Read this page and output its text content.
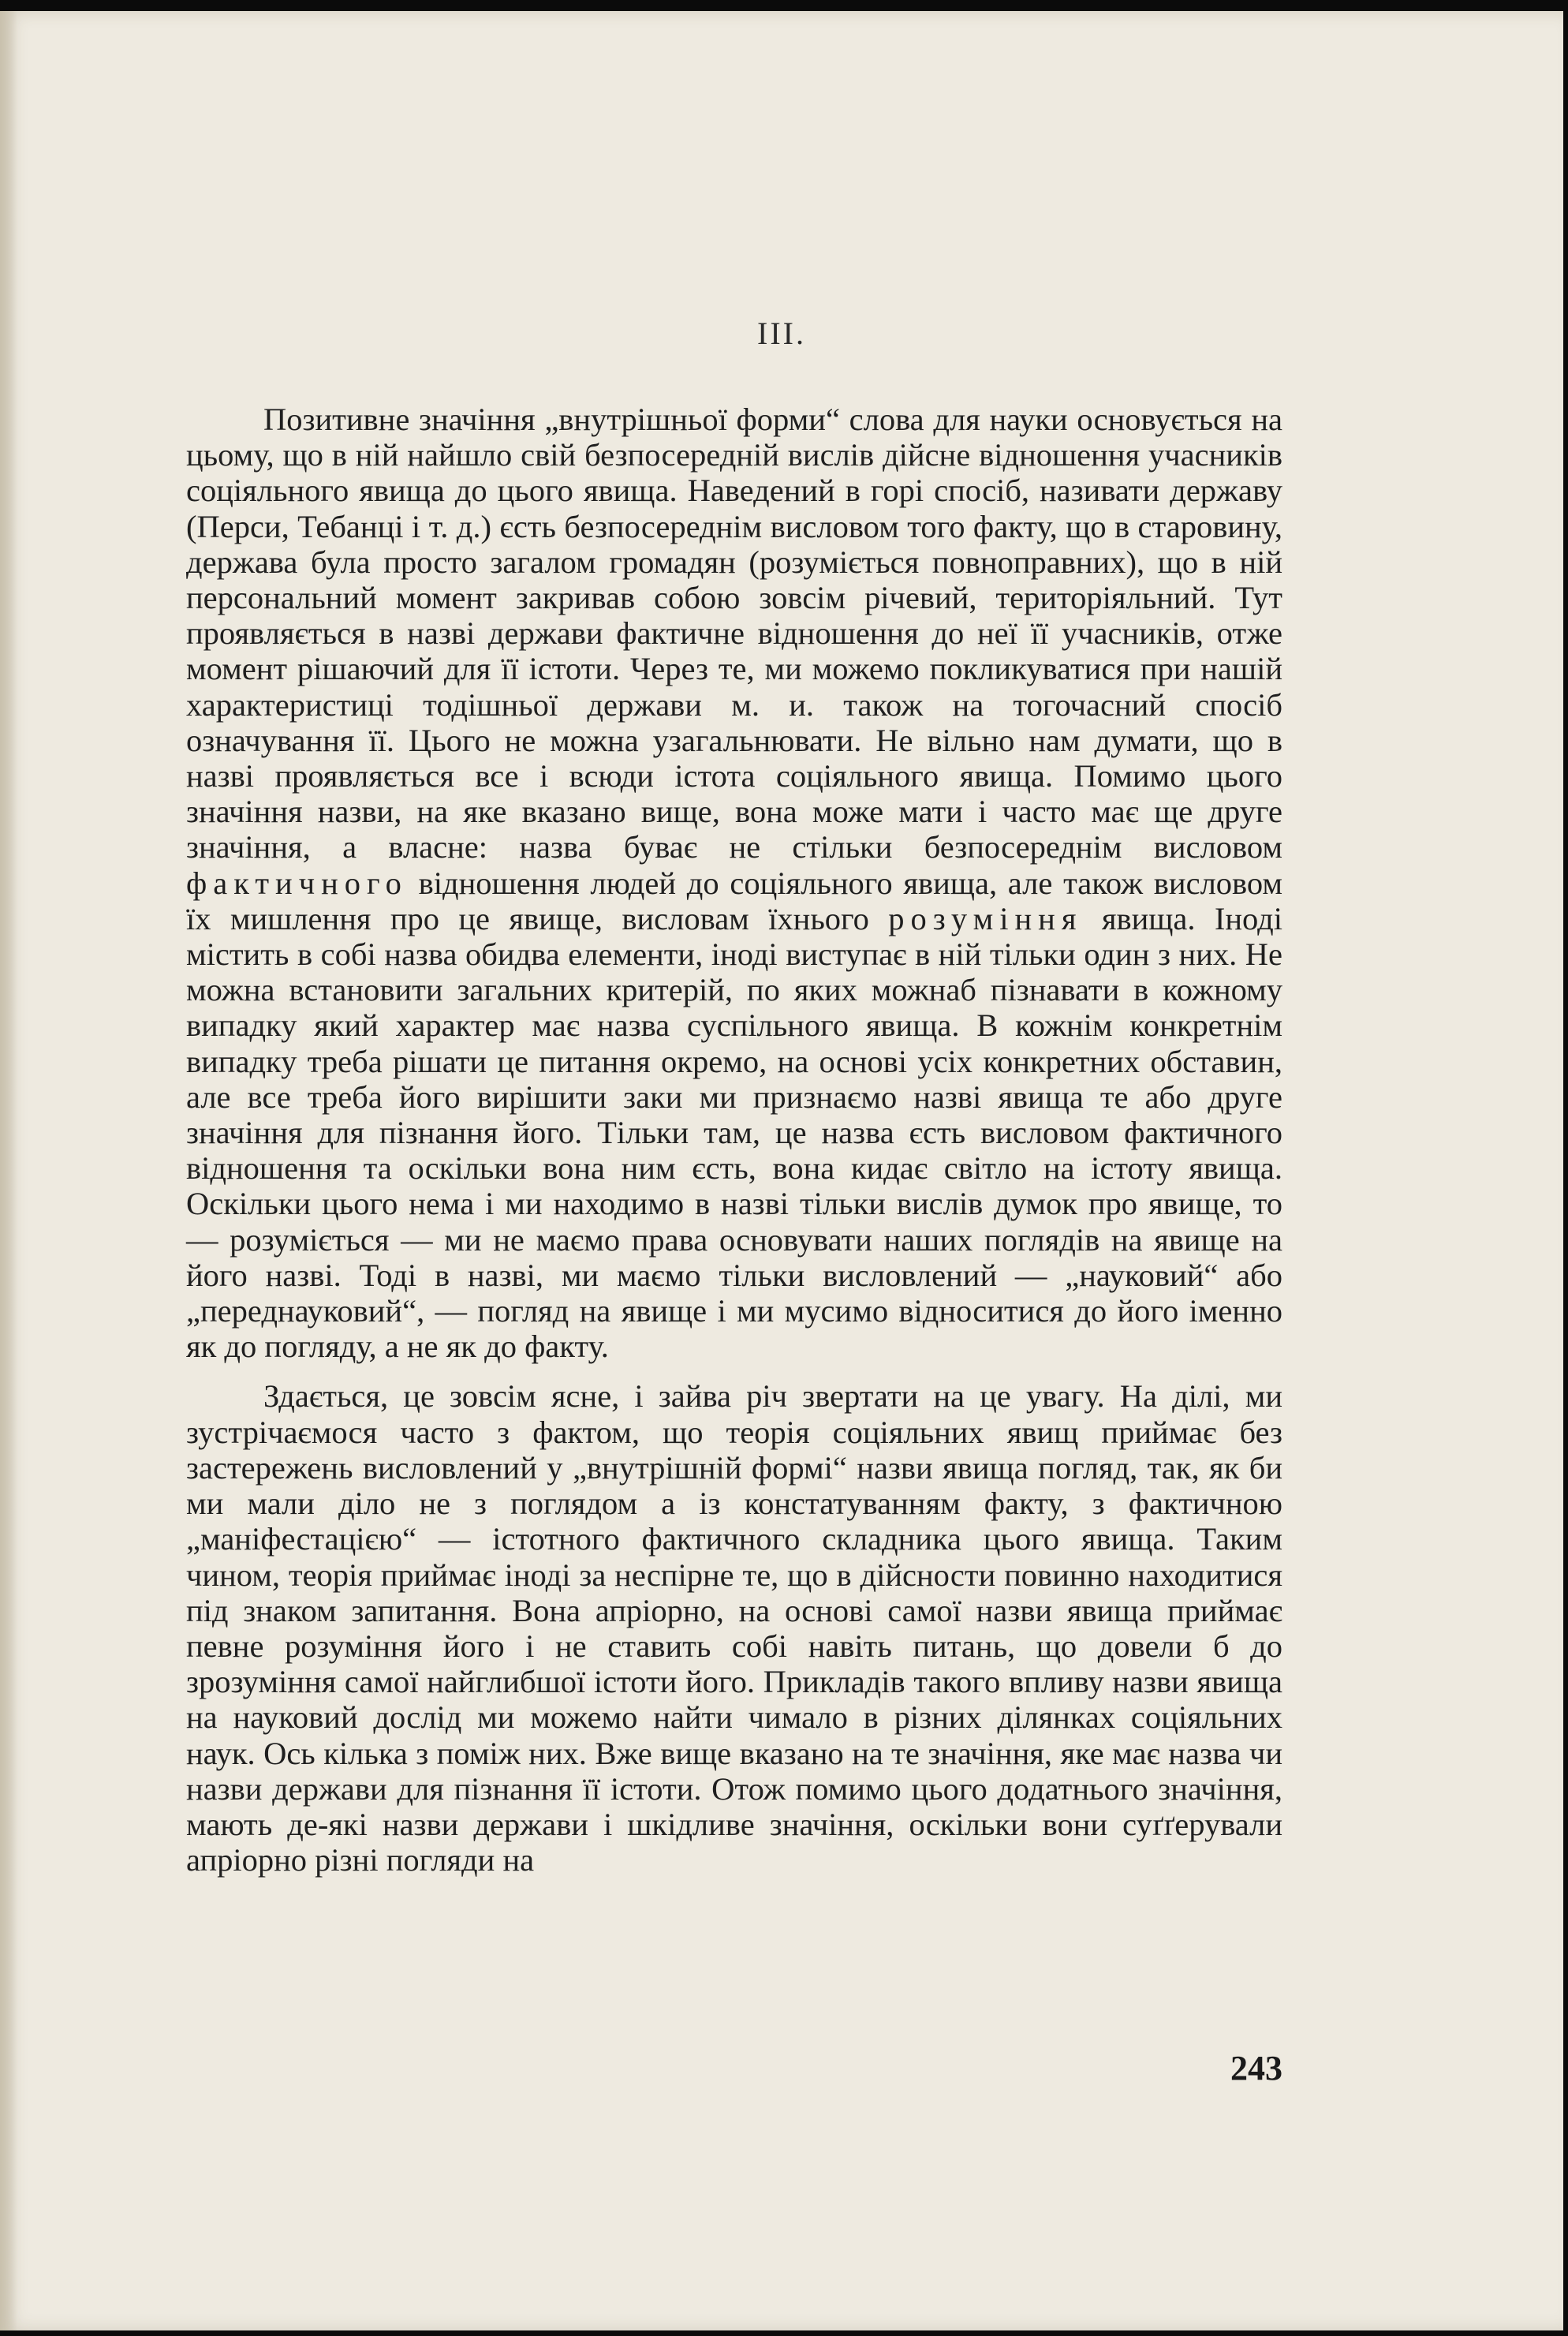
III.

Позитивне значіння „внутрішньої форми“ слова для науки основується на цьому, що в ній найшло свій безпосередній вислів дійсне відношення учасників соціяльного явища до цього явища. Наведений в горі спосіб, називати державу (Перси, Тебанці і т. д.) єсть безпосереднім висловом того факту, що в старовину, держава була просто загалом громадян (розуміється повноправних), що в ній персональний момент закривав собою зовсім річевий, територіяльний. Тут проявляється в назві держави фактичне відношення до неї її учасників, отже момент рішаючий для її істоти. Через те, ми можемо покликуватися при нашій характеристиці тодішньої держави м. и. також на тогочасний спосіб означування її. Цього не можна узагальнювати. Не вільно нам думати, що в назві проявляється все і всюди істота соціяльного явища. Помимо цього значіння назви, на яке вказано вище, вона може мати і часто має ще друге значіння, а власне: назва буває не стільки безпосереднім висловом фактичного відношення людей до соціяльного явища, але також висловом їх мишлення про це явище, висловам їхнього розуміння явища. Іноді містить в собі назва обидва елементи, іноді виступає в ній тільки один з них. Не можна встановити загальних критерій, по яких можнаб пізнавати в кожному випадку який характер має назва суспільного явища. В кожнім конкретнім випадку треба рішати це питання окремо, на основі усіх конкретних обставин, але все треба його вирішити заки ми признаємо назві явища те або друге значіння для пізнання його. Тільки там, це назва єсть висловом фактичного відношення та оскільки вона ним єсть, вона кидає світло на істоту явища. Оскільки цього нема і ми находимо в назві тільки вислів думок про явище, то — розуміється — ми не маємо права основувати наших поглядів на явище на його назві. Тоді в назві, ми маємо тільки висловлений — „науковий“ або „переднауковий“, — погляд на явище і ми мусимо відноситися до його іменно як до погляду, а не як до факту.

Здається, це зовсім ясне, і зайва річ звертати на це увагу. На ділі, ми зустрічаємося часто з фактом, що теорія соціяльних явищ приймає без застережень висловлений у „внутрішній формі“ назви явища погляд, так, як би ми мали діло не з поглядом а із констатуванням факту, з фактичною „маніфестацією“ — істотного фактичного складника цього явища. Таким чином, теорія приймає іноді за неспірне те, що в дійсности повинно находитися під знаком запитання. Вона апріорно, на основі самої назви явища приймає певне розуміння його і не ставить собі навіть питань, що довели б до зрозуміння самої найглибшої істоти його. Прикладів такого впливу назви явища на науковий дослід ми можемо найти чимало в різних ділянках соціяльних наук. Ось кілька з поміж них. Вже вище вказано на те значіння, яке має назва чи назви держави для пізнання її істоти. Отож помимо цього додатнього значіння, мають де-які назви держави і шкідливе значіння, оскільки вони суґґерували апріорно різні погляди на

243
